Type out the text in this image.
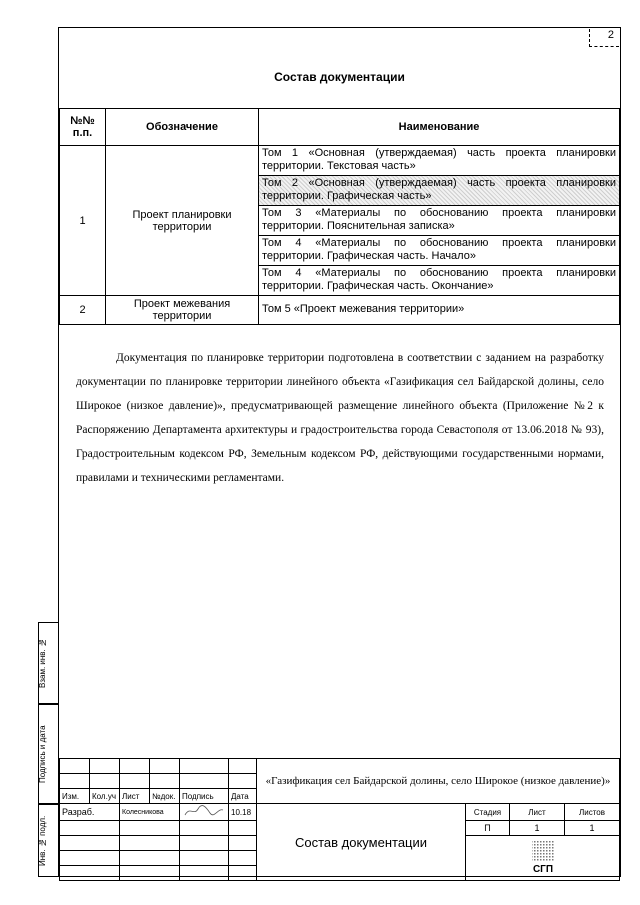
2
Состав документации
№№ п.п.	Обозначение	Наименование
1	Проект планировки территории	Том 1 «Основная (утверждаемая) часть проекта планировки территории. Текстовая часть»
		Том 2 «Основная (утверждаемая) часть проекта планировки территории. Графическая часть»
		Том 3 «Материалы по обоснованию проекта планировки территории. Пояснительная записка»
		Том 4 «Материалы по обоснованию проекта планировки территории. Графическая часть. Начало»
		Том 4 «Материалы по обоснованию проекта планировки территории. Графическая часть. Окончание»
2	Проект межевания территории	Том 5 «Проект межевания территории»

Документация по планировке территории подготовлена в соответствии с заданием на разработку документации по планировке территории линейного объекта «Газификация сел Байдарской долины, село Широкое (низкое давление)», предусматривающей размещение линейного объекта (Приложение №2 к Распоряжению Департамента архитектуры и градостроительства города Севастополя от 13.06.2018 № 93), Градостроительным кодексом РФ, Земельным кодексом РФ, действующими государственными нормами, правилами и техническими регламентами.

Взам. инв. №
Подпись и дата
Инв. № подл.
						«Газификация сел Байдарской долины, село Широкое (низкое давление)»			

Изм.	Кол.уч	Лист	№док.	Подпись	Дата				
Разраб.		Колесникова			10.18	Состав документации	Стадия	Лист	Листов
							П	1	1

СГП		
